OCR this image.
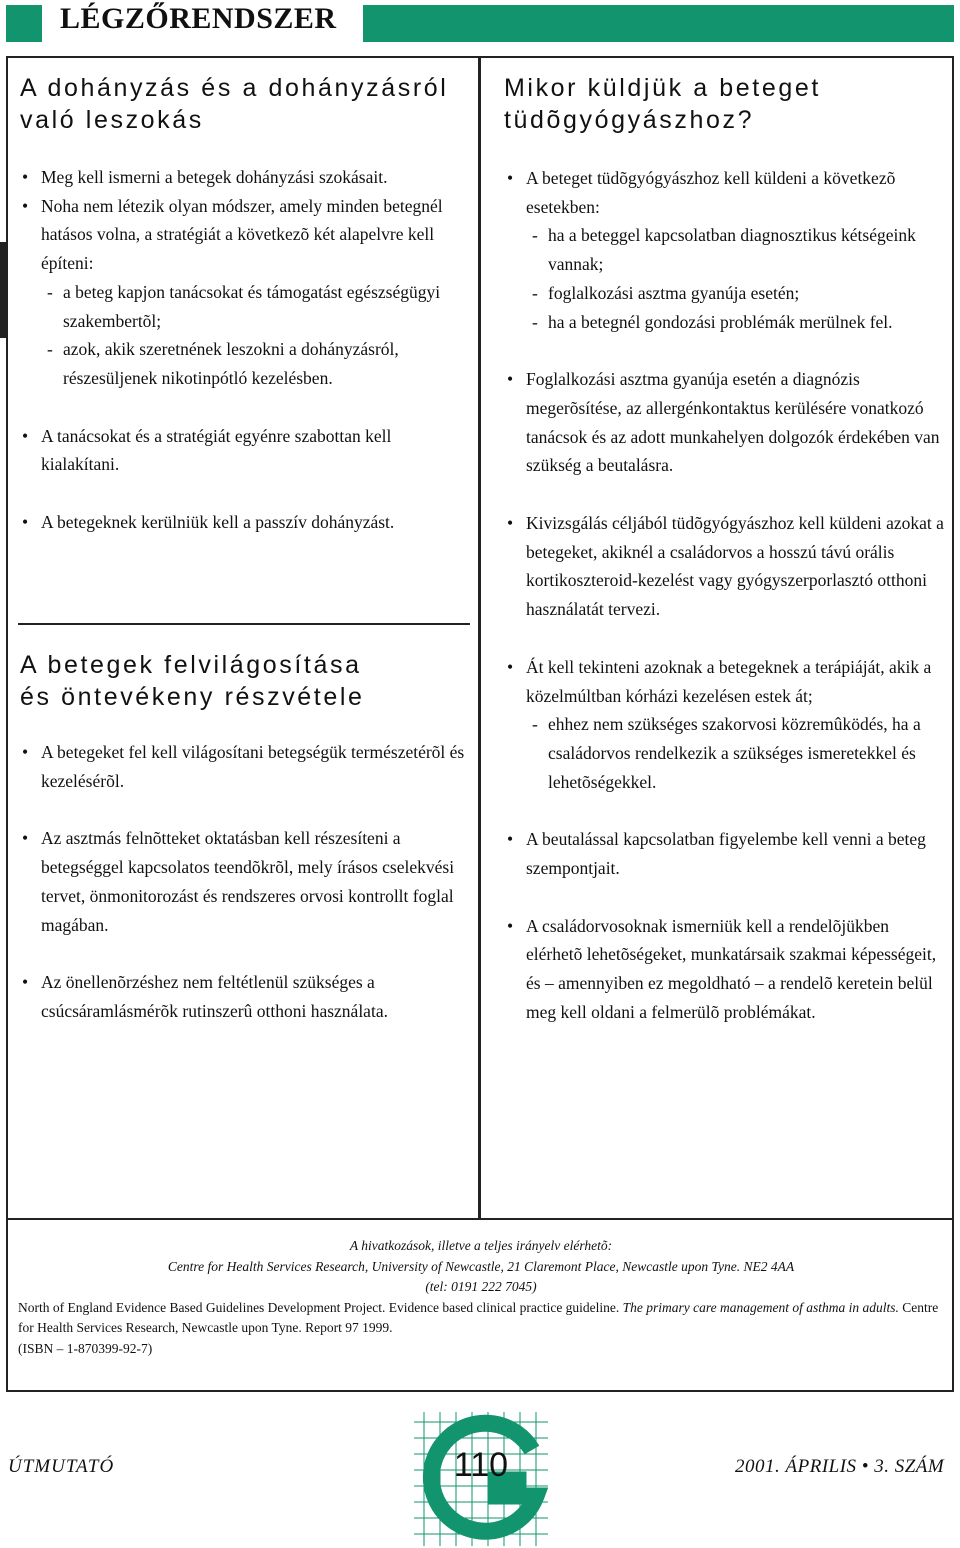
LÉGZŐRENDSZER
A dohányzás és a dohányzásról
való leszokás
• Meg kell ismerni a betegek dohányzási szokásait.
• Noha nem létezik olyan módszer, amely minden betegnél hatásos volna, a stratégiát a következõ két alapelvre kell építeni:
- a beteg kapjon tanácsokat és támogatást egészségügyi szakembertõl;
- azok, akik szeretnének leszokni a dohányzásról, részesüljenek nikotinpótló kezelésben.
• A tanácsokat és a stratégiát egyénre szabottan kell kialakítani.
• A betegeknek kerülniük kell a passzív dohányzást.
A betegek felvilágosítása
és öntevékeny részvétele
• A betegeket fel kell világosítani betegségük természetérõl és kezelésérõl.
• Az asztmás felnõtteket oktatásban kell részesíteni a betegséggel kapcsolatos teendõkrõl, mely írásos cselekvési tervet, önmonitorozást és rendszeres orvosi kontrollt foglal magában.
• Az önellenõrzéshez nem feltétlenül szükséges a csúcsáramlásmérõk rutinszerû otthoni használata.
Mikor küldjük a beteget
tüdõgyógyászhoz?
• A beteget tüdõgyógyászhoz kell küldeni a következõ esetekben:
- ha a beteggel kapcsolatban diagnosztikus kétségeink vannak;
- foglalkozási asztma gyanúja esetén;
- ha a betegnél gondozási problémák merülnek fel.
• Foglalkozási asztma gyanúja esetén a diagnózis megerõsítése, az allergénkontaktus kerülésére vonatkozó tanácsok és az adott munkahelyen dolgozók érdekében van szükség a beutalásra.
• Kivizsgálás céljából tüdõgyógyászhoz kell küldeni azokat a betegeket, akiknél a családorvos a hosszú távú orális kortikoszteroid-kezelést vagy gyógyszerporlasztó otthoni használatát tervezi.
• Át kell tekinteni azoknak a betegeknek a terápiáját, akik a közelmúltban kórházi kezelésen estek át;
- ehhez nem szükséges szakorvosi közremûködés, ha a családorvos rendelkezik a szükséges ismeretekkel és lehetõségekkel.
• A beutalással kapcsolatban figyelembe kell venni a beteg szempontjait.
• A családorvosoknak ismerniük kell a rendelõjükben elérhetõ lehetõségeket, munkatársaik szakmai képességeit, és – amennyiben ez megoldható – a rendelõ keretein belül meg kell oldani a felmerülõ problémákat.
A hivatkozások, illetve a teljes irányelv elérhetõ:
Centre for Health Services Research, University of Newcastle, 21 Claremont Place, Newcastle upon Tyne. NE2 4AA
(tel: 0191 222 7045)
North of England Evidence Based Guidelines Development Project. Evidence based clinical practice guideline. The primary care management of asthma in adults. Centre for Health Services Research, Newcastle upon Tyne. Report 97 1999.
(ISBN – 1-870399-92-7)
ÚTMUTATÓ	110	2001. ÁPRILIS • 3. SZÁM
